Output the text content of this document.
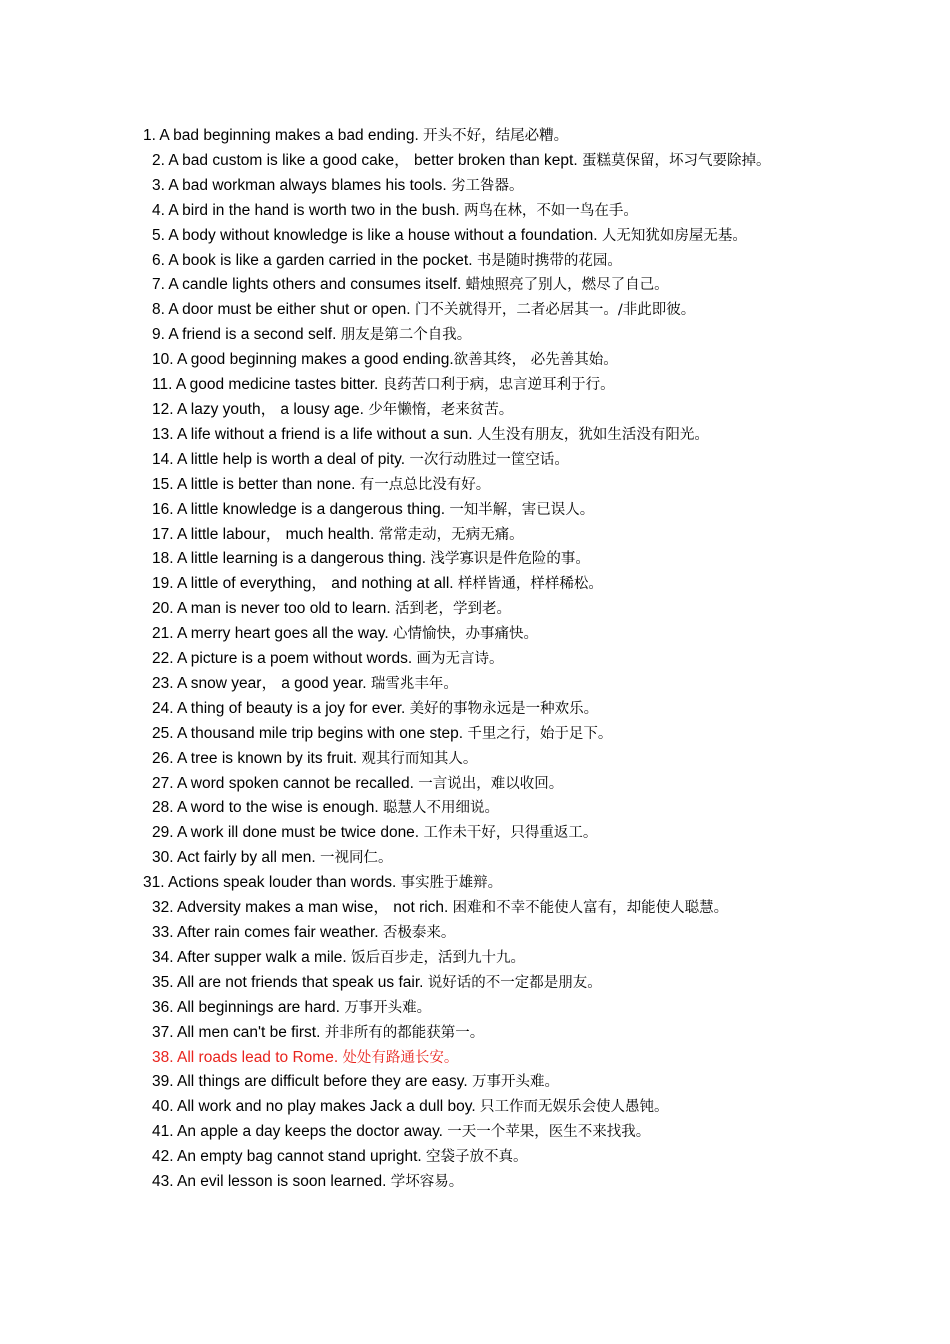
1. A bad beginning makes a bad ending. 开头不好，结尾必糟。
2. A bad custom is like a good cake， better broken than kept. 蛋糕莫保留，坏习气要除掉。
3. A bad workman always blames his tools. 劣工咎器。
4. A bird in the hand is worth two in the bush. 两鸟在林，不如一鸟在手。
5. A body without knowledge is like a house without a foundation. 人无知犹如房屋无基。
6. A book is like a garden carried in the pocket. 书是随时携带的花园。
7. A candle lights others and consumes itself. 蜡烛照亮了别人，燃尽了自己。
8. A door must be either shut or open. 门不关就得开，二者必居其一。/非此即彼。
9. A friend is a second self. 朋友是第二个自我。
10. A good beginning makes a good ending.欲善其终， 必先善其始。
11. A good medicine tastes bitter. 良药苦口利于病，忠言逆耳利于行。
12. A lazy youth， a lousy age. 少年懒惰，老来贫苦。
13. A life without a friend is a life without a sun. 人生没有朋友，犹如生活没有阳光。
14. A little help is worth a deal of pity. 一次行动胜过一筐空话。
15. A little is better than none. 有一点总比没有好。
16. A little knowledge is a dangerous thing. 一知半解，害已误人。
17. A little labour， much health. 常常走动，无病无痛。
18. A little learning is a dangerous thing. 浅学寡识是件危险的事。
19. A little of everything， and nothing at all. 样样皆通，样样稀松。
20. A man is never too old to learn. 活到老，学到老。
21. A merry heart goes all the way. 心情愉快，办事痛快。
22. A picture is a poem without words. 画为无言诗。
23. A snow year， a good year. 瑞雪兆丰年。
24. A thing of beauty is a joy for ever. 美好的事物永远是一种欢乐。
25. A thousand mile trip begins with one step. 千里之行，始于足下。
26. A tree is known by its fruit. 观其行而知其人。
27. A word spoken cannot be recalled. 一言说出，难以收回。
28. A word to the wise is enough. 聪慧人不用细说。
29. A work ill done must be twice done. 工作未干好，只得重返工。
30. Act fairly by all men. 一视同仁。
31. Actions speak louder than words. 事实胜于雄辩。
32. Adversity makes a man wise， not rich. 困难和不幸不能使人富有，却能使人聪慧。
33. After rain comes fair weather. 否极泰来。
34. After supper walk a mile. 饭后百步走，活到九十九。
35. All are not friends that speak us fair. 说好话的不一定都是朋友。
36. All beginnings are hard. 万事开头难。
37. All men can't be first. 并非所有的都能获第一。
38. All roads lead to Rome. 处处有路通长安。
39. All things are difficult before they are easy. 万事开头难。
40. All work and no play makes Jack a dull boy. 只工作而无娱乐会使人愚钝。
41. An apple a day keeps the doctor away. 一天一个苹果，医生不来找我。
42. An empty bag cannot stand upright. 空袋子放不真。
43. An evil lesson is soon learned. 学坏容易。
